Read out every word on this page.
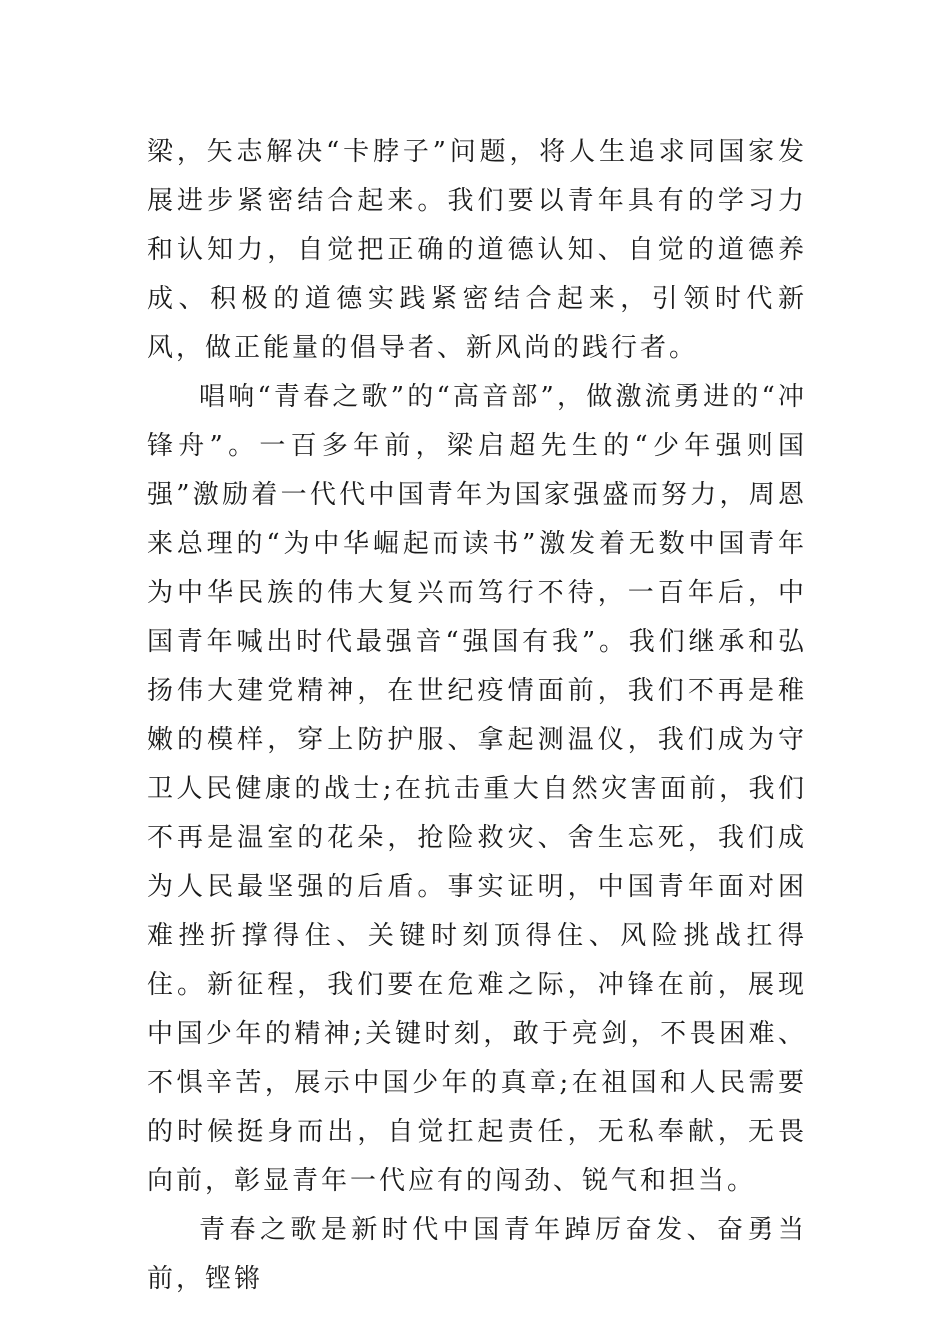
梁，矢志解决“卡脖子”问题，将人生追求同国家发展进步紧密结合起来。我们要以青年具有的学习力和认知力，自觉把正确的道德认知、自觉的道德养成、积极的道德实践紧密结合起来，引领时代新风，做正能量的倡导者、新风尚的践行者。

唱响“青春之歌”的“高音部”，做激流勇进的“冲锋舟”。一百多年前，梁启超先生的“少年强则国强”激励着一代代中国青年为国家强盛而努力，周恩来总理的“为中华崛起而读书”激发着无数中国青年为中华民族的伟大复兴而笃行不待，一百年后，中国青年喊出时代最强音“强国有我”。我们继承和弘扬伟大建党精神，在世纪疫情面前，我们不再是稚嫩的模样，穿上防护服、拿起测温仪，我们成为守卫人民健康的战士;在抗击重大自然灾害面前，我们不再是温室的花朵，抢险救灾、舍生忘死，我们成为人民最坚强的后盾。事实证明，中国青年面对困难挫折撑得住、关键时刻顶得住、风险挑战扛得住。新征程，我们要在危难之际，冲锋在前，展现中国少年的精神;关键时刻，敢于亮剑，不畏困难、不惧辛苦，展示中国少年的真章;在祖国和人民需要的时候挺身而出，自觉扛起责任，无私奉献，无畏向前，彰显青年一代应有的闯劲、锐气和担当。

青春之歌是新时代中国青年踔厉奋发、奋勇当前，铿锵
